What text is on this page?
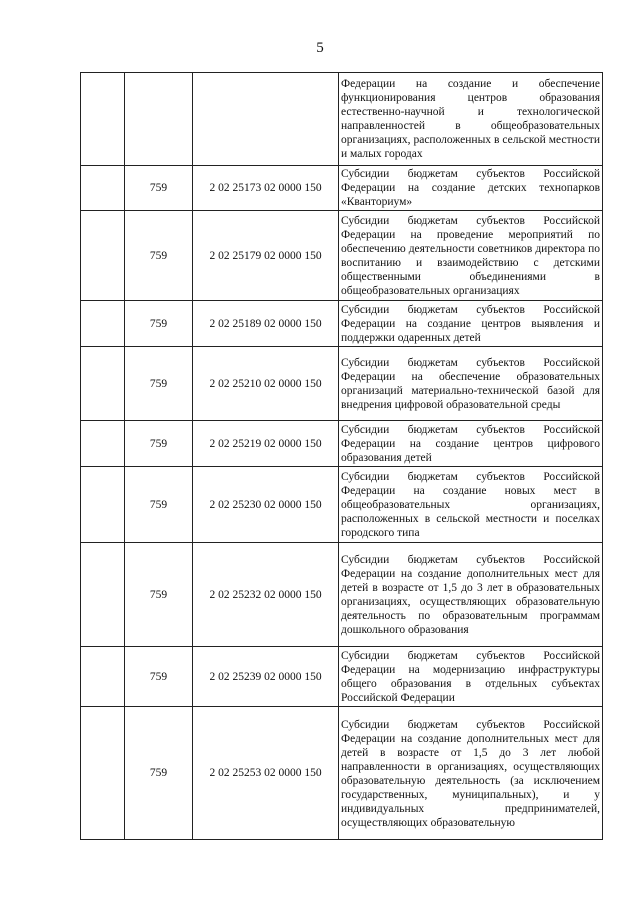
5
			Федерации на создание и обеспечение функционирования центров образования естественно-научной и технологической направленностей в общеобразовательных организациях, расположенных в сельской местности и малых городах
	759	2 02 25173 02 0000 150	Субсидии бюджетам субъектов Российской Федерации на создание детских технопарков «Кванториум»
	759	2 02 25179 02 0000 150	Субсидии бюджетам субъектов Российской Федерации на проведение мероприятий по обеспечению деятельности советников директора по воспитанию и взаимодействию с детскими общественными объединениями в общеобразовательных организациях
	759	2 02 25189 02 0000 150	Субсидии бюджетам субъектов Российской Федерации на создание центров выявления и поддержки одаренных детей
	759	2 02 25210 02 0000 150	Субсидии бюджетам субъектов Российской Федерации на обеспечение образовательных организаций материально-технической базой для внедрения цифровой образовательной среды
	759	2 02 25219 02 0000 150	Субсидии бюджетам субъектов Российской Федерации на создание центров цифрового образования детей
	759	2 02 25230 02 0000 150	Субсидии бюджетам субъектов Российской Федерации на создание новых мест в общеобразовательных организациях, расположенных в сельской местности и поселках городского типа
	759	2 02 25232 02 0000 150	Субсидии бюджетам субъектов Российской Федерации на создание дополнительных мест для детей в возрасте от 1,5 до 3 лет в образовательных организациях, осуществляющих образовательную деятельность по образовательным программам дошкольного образования
	759	2 02 25239 02 0000 150	Субсидии бюджетам субъектов Российской Федерации на модернизацию инфраструктуры общего образования в отдельных субъектах Российской Федерации
	759	2 02 25253 02 0000 150	Субсидии бюджетам субъектов Российской Федерации на создание дополнительных мест для детей в возрасте от 1,5 до 3 лет любой направленности в организациях, осуществляющих образовательную деятельность (за исключением государственных, муниципальных), и у индивидуальных предпринимателей, осуществляющих образовательную
